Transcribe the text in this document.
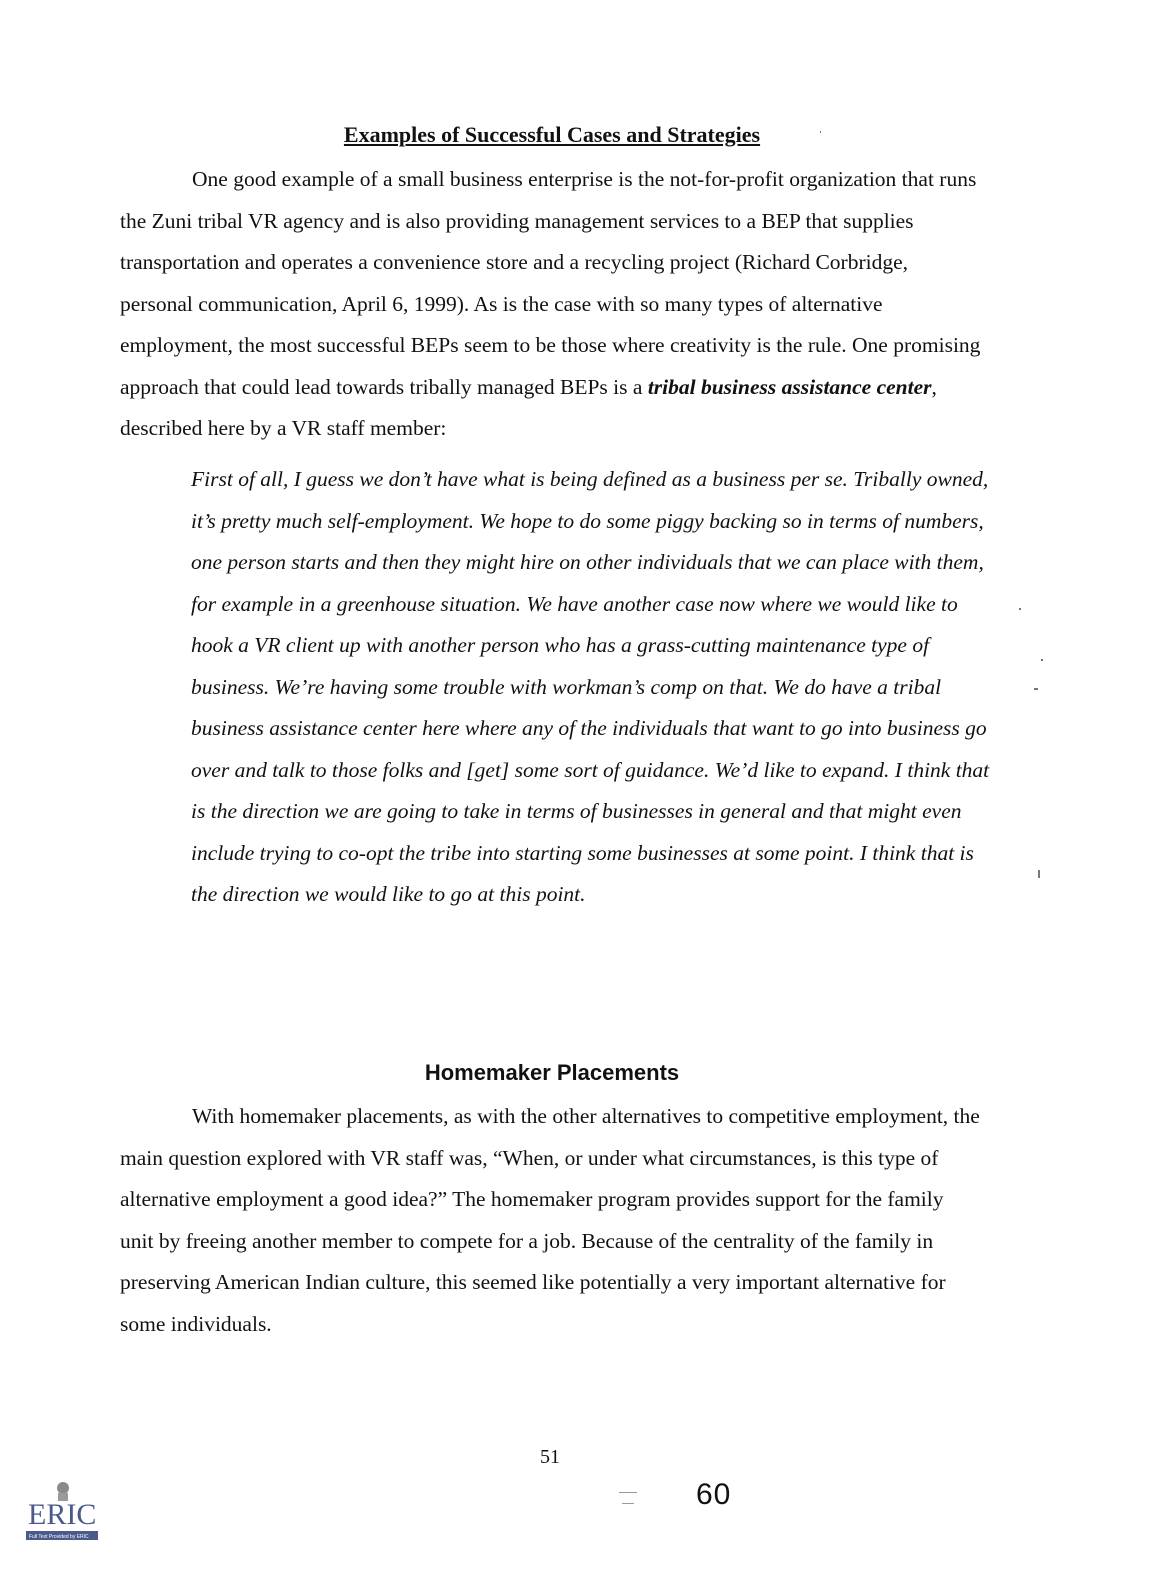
Examples of Successful Cases and Strategies

One good example of a small business enterprise is the not-for-profit organization that runs the Zuni tribal VR agency and is also providing management services to a BEP that supplies transportation and operates a convenience store and a recycling project (Richard Corbridge, personal communication, April 6, 1999). As is the case with so many types of alternative employment, the most successful BEPs seem to be those where creativity is the rule. One promising approach that could lead towards tribally managed BEPs is a tribal business assistance center, described here by a VR staff member:

First of all, I guess we don’t have what is being defined as a business per se. Tribally owned, it’s pretty much self-employment. We hope to do some piggy backing so in terms of numbers, one person starts and then they might hire on other individuals that we can place with them, for example in a greenhouse situation. We have another case now where we would like to hook a VR client up with another person who has a grass-cutting maintenance type of business. We’re having some trouble with workman’s comp on that. We do have a tribal business assistance center here where any of the individuals that want to go into business go over and talk to those folks and [get] some sort of guidance. We’d like to expand. I think that is the direction we are going to take in terms of businesses in general and that might even include trying to co-opt the tribe into starting some businesses at some point. I think that is the direction we would like to go at this point.

Homemaker Placements

With homemaker placements, as with the other alternatives to competitive employment, the main question explored with VR staff was, “When, or under what circumstances, is this type of alternative employment a good idea?” The homemaker program provides support for the family unit by freeing another member to compete for a job. Because of the centrality of the family in preserving American Indian culture, this seemed like potentially a very important alternative for some individuals.

51

60

ERIC
Full Text Provided by ERIC
